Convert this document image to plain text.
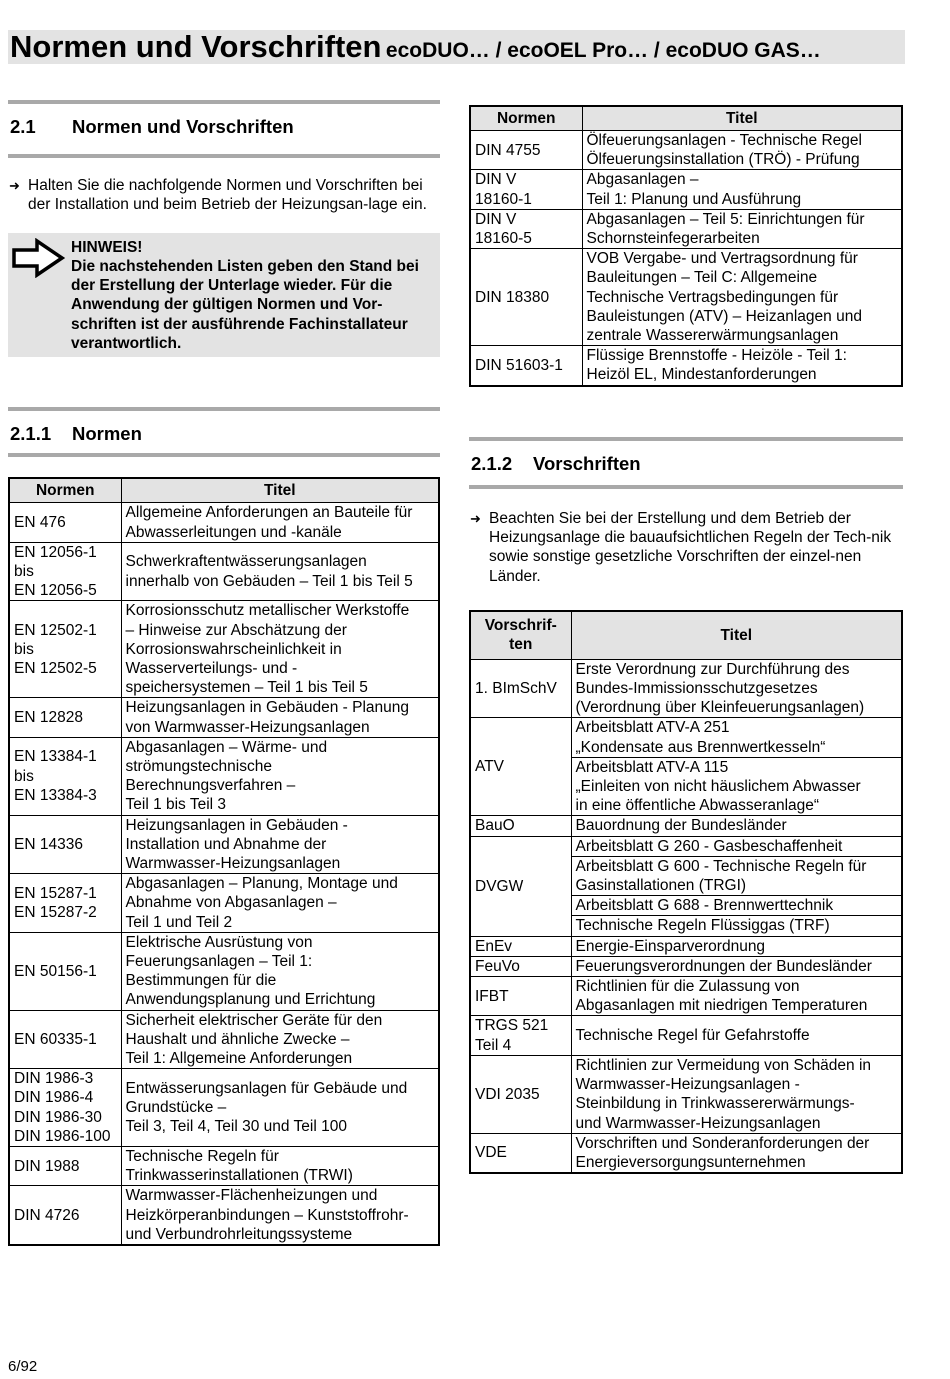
Normen und Vorschriften ecoDUO… / ecoOEL Pro… / ecoDUO GAS…
2.1 Normen und Vorschriften
➜ Halten Sie die nachfolgende Normen und Vorschriften bei der Installation und beim Betrieb der Heizungsan-lage ein.
HINWEIS!
Die nachstehenden Listen geben den Stand bei der Erstellung der Unterlage wieder. Für die Anwendung der gültigen Normen und Vor-schriften ist der ausführende Fachinstallateur verantwortlich.
2.1.1 Normen
Normen	Titel

EN 476	Allgemeine Anforderungen an Bauteile für
Abwasserleitungen und -kanäle

EN 12056-1
bis
EN 12056-5	Schwerkraftentwässerungsanlagen
innerhalb von Gebäuden – Teil 1 bis Teil 5

EN 12502-1
bis
EN 12502-5	Korrosionsschutz metallischer Werkstoffe
– Hinweise zur Abschätzung der
Korrosionswahrscheinlichkeit in
Wasserverteilungs- und -
speichersystemen – Teil 1 bis Teil 5

EN 12828	Heizungsanlagen in Gebäuden - Planung
von Warmwasser-Heizungsanlagen

EN 13384-1
bis
EN 13384-3	Abgasanlagen – Wärme- und
strömungstechnische
Berechnungsverfahren –
Teil 1 bis Teil 3

EN 14336	Heizungsanlagen in Gebäuden -
Installation und Abnahme der
Warmwasser-Heizungsanlagen

EN 15287-1
EN 15287-2	Abgasanlagen – Planung, Montage und
Abnahme von Abgasanlagen –
Teil 1 und Teil 2

EN 50156-1	Elektrische Ausrüstung von
Feuerungsanlagen – Teil 1:
Bestimmungen für die
Anwendungsplanung und Errichtung

EN 60335-1	Sicherheit elektrischer Geräte für den
Haushalt und ähnliche Zwecke –
Teil 1: Allgemeine Anforderungen

DIN 1986-3
DIN 1986-4
DIN 1986-30
DIN 1986-100	Entwässerungsanlagen für Gebäude und
Grundstücke –
Teil 3, Teil 4, Teil 30 und Teil 100

DIN 1988	Technische Regeln für
Trinkwasserinstallationen (TRWI)

DIN 4726	Warmwasser-Flächenheizungen und
Heizkörperanbindungen – Kunststoffrohr-
und Verbundrohrleitungssysteme
Normen	Titel

DIN 4755	Ölfeuerungsanlagen - Technische Regel
Ölfeuerungsinstallation (TRÖ) - Prüfung

DIN V
18160-1	Abgasanlagen –
Teil 1: Planung und Ausführung

DIN V
18160-5	Abgasanlagen – Teil 5: Einrichtungen für
Schornsteinfegerarbeiten

DIN 18380	VOB Vergabe- und Vertragsordnung für
Bauleitungen – Teil C: Allgemeine
Technische Vertragsbedingungen für
Bauleistungen (ATV) – Heizanlagen und
zentrale Wassererwärmungsanlagen

DIN 51603-1	Flüssige Brennstoffe - Heizöle - Teil 1:
Heizöl EL, Mindestanforderungen
2.1.2 Vorschriften
➜ Beachten Sie bei der Erstellung und dem Betrieb der Heizungsanlage die bauaufsichtlichen Regeln der Tech-nik sowie sonstige gesetzliche Vorschriften der einzel-nen Länder.
Vorschrif-ten	Titel

1. BImSchV	Erste Verordnung zur Durchführung des
Bundes-Immissionsschutzgesetzes
(Verordnung über Kleinfeuerungsanlagen)

ATV	Arbeitsblatt ATV-A 251
„Kondensate aus Brennwertkesseln“

	Arbeitsblatt ATV-A 115
„Einleiten von nicht häuslichem Abwasser
in eine öffentliche Abwasseranlage“

BauO	Bauordnung der Bundesländer

DVGW	Arbeitsblatt G 260 - Gasbeschaffenheit

	Arbeitsblatt G 600 - Technische Regeln für
Gasinstallationen (TRGI)

	Arbeitsblatt G 688 - Brennwerttechnik

	Technische Regeln Flüssiggas (TRF)

EnEv	Energie-Einsparverordnung

FeuVo	Feuerungsverordnungen der Bundesländer

IFBT	Richtlinien für die Zulassung von
Abgasanlagen mit niedrigen Temperaturen

TRGS 521
Teil 4	Technische Regel für Gefahrstoffe

VDI 2035	Richtlinien zur Vermeidung von Schäden in
Warmwasser-Heizungsanlagen -
Steinbildung in Trinkwassererwärmungs-
und Warmwasser-Heizungsanlagen

VDE	Vorschriften und Sonderanforderungen der
Energieversorgungsunternehmen
6/92
